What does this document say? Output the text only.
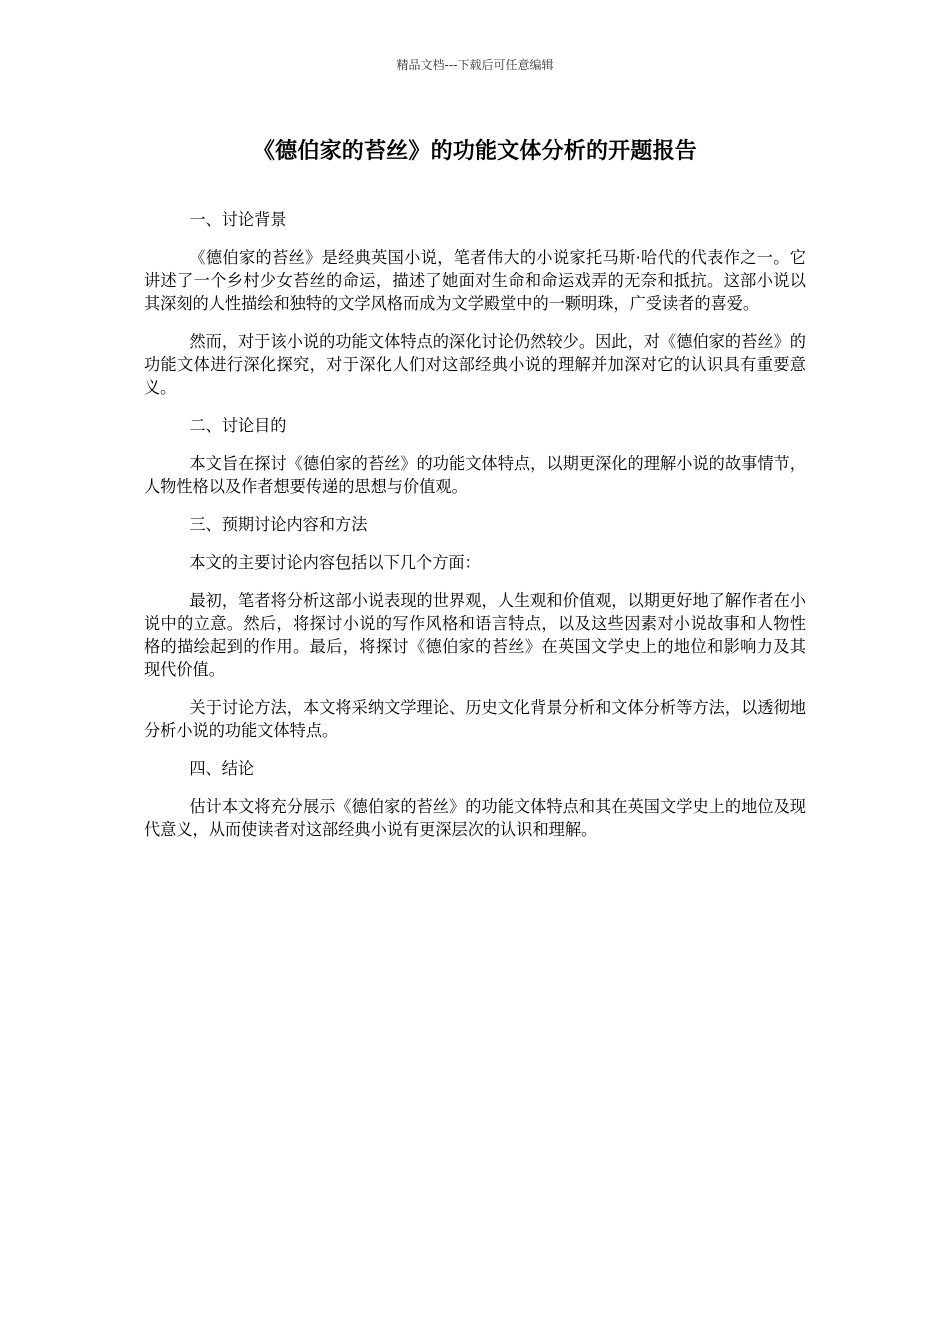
精品文档---下载后可任意编辑
《德伯家的苔丝》的功能文体分析的开题报告

一、讨论背景

《德伯家的苔丝》是经典英国小说，笔者伟大的小说家托马斯·哈代的代表作之一。它讲述了一个乡村少女苔丝的命运，描述了她面对生命和命运戏弄的无奈和抵抗。这部小说以其深刻的人性描绘和独特的文学风格而成为文学殿堂中的一颗明珠，广受读者的喜爱。

然而，对于该小说的功能文体特点的深化讨论仍然较少。因此，对《德伯家的苔丝》的功能文体进行深化探究，对于深化人们对这部经典小说的理解并加深对它的认识具有重要意义。

二、讨论目的

本文旨在探讨《德伯家的苔丝》的功能文体特点，以期更深化的理解小说的故事情节，人物性格以及作者想要传递的思想与价值观。

三、预期讨论内容和方法

本文的主要讨论内容包括以下几个方面：

最初，笔者将分析这部小说表现的世界观，人生观和价值观，以期更好地了解作者在小说中的立意。然后，将探讨小说的写作风格和语言特点，以及这些因素对小说故事和人物性格的描绘起到的作用。最后，将探讨《德伯家的苔丝》在英国文学史上的地位和影响力及其现代价值。

关于讨论方法，本文将采纳文学理论、历史文化背景分析和文体分析等方法，以透彻地分析小说的功能文体特点。

四、结论

估计本文将充分展示《德伯家的苔丝》的功能文体特点和其在英国文学史上的地位及现代意义，从而使读者对这部经典小说有更深层次的认识和理解。
